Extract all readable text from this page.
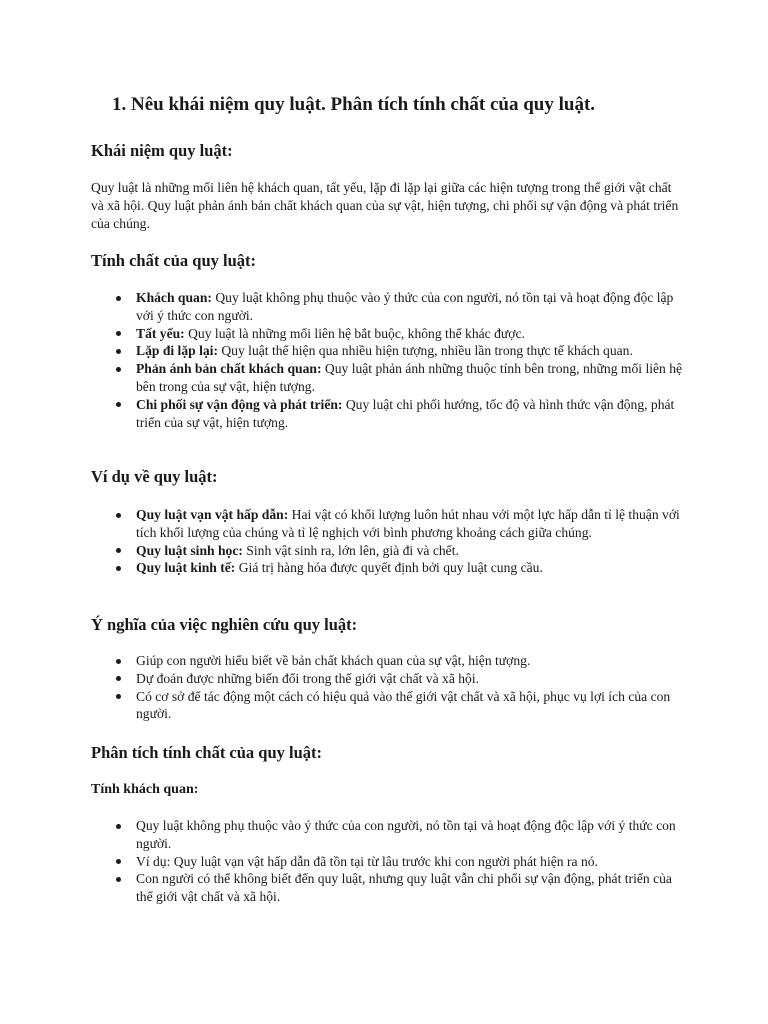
1. Nêu khái niệm quy luật. Phân tích tính chất của quy luật.
Khái niệm quy luật:

Quy luật là những mối liên hệ khách quan, tất yếu, lặp đi lặp lại giữa các hiện tượng trong thế giới vật chất và xã hội. Quy luật phản ánh bản chất khách quan của sự vật, hiện tượng, chi phối sự vận động và phát triển của chúng.

Tính chất của quy luật:
Khách quan: Quy luật không phụ thuộc vào ý thức của con người, nó tồn tại và hoạt động độc lập với ý thức con người.
Tất yếu: Quy luật là những mối liên hệ bắt buộc, không thể khác được.
Lặp đi lặp lại: Quy luật thể hiện qua nhiều hiện tượng, nhiều lần trong thực tế khách quan.
Phản ánh bản chất khách quan: Quy luật phản ánh những thuộc tính bên trong, những mối liên hệ bên trong của sự vật, hiện tượng.
Chi phối sự vận động và phát triển: Quy luật chi phối hướng, tốc độ và hình thức vận động, phát triển của sự vật, hiện tượng.
Ví dụ về quy luật:
Quy luật vạn vật hấp dẫn: Hai vật có khối lượng luôn hút nhau với một lực hấp dẫn tỉ lệ thuận với tích khối lượng của chúng và tỉ lệ nghịch với bình phương khoảng cách giữa chúng.
Quy luật sinh học: Sinh vật sinh ra, lớn lên, già đi và chết.
Quy luật kinh tế: Giá trị hàng hóa được quyết định bởi quy luật cung cầu.
Ý nghĩa của việc nghiên cứu quy luật:
Giúp con người hiểu biết về bản chất khách quan của sự vật, hiện tượng.
Dự đoán được những biến đổi trong thế giới vật chất và xã hội.
Có cơ sở để tác động một cách có hiệu quả vào thế giới vật chất và xã hội, phục vụ lợi ích của con người.
Phân tích tính chất của quy luật:
Tính khách quan:
Quy luật không phụ thuộc vào ý thức của con người, nó tồn tại và hoạt động độc lập với ý thức con người.
Ví dụ: Quy luật vạn vật hấp dẫn đã tồn tại từ lâu trước khi con người phát hiện ra nó.
Con người có thể không biết đến quy luật, nhưng quy luật vẫn chi phối sự vận động, phát triển của thế giới vật chất và xã hội.
